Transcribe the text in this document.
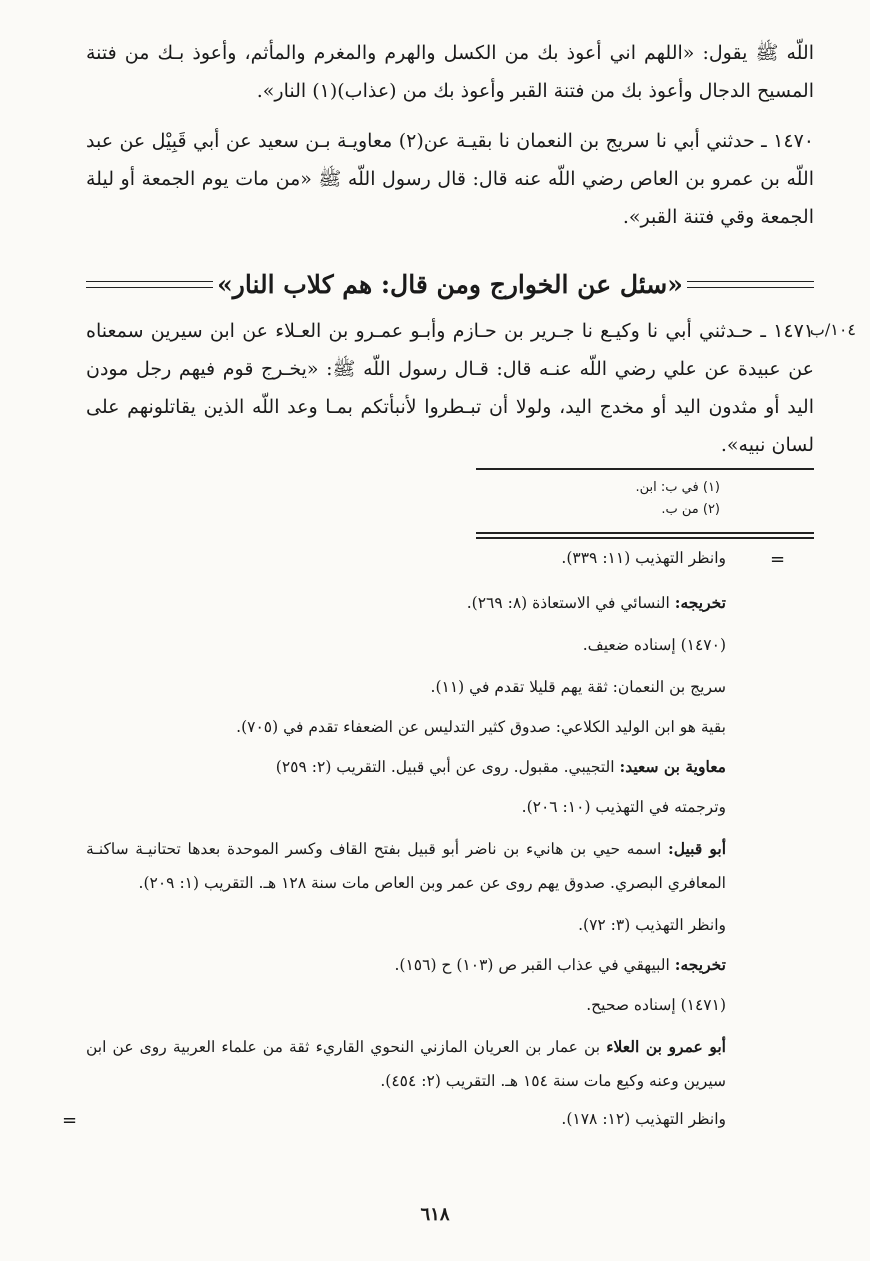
اللّه ﷺ يقول: «اللهم اني أعوذ بك من الكسل والهرم والمغرم والمأثم، وأعوذ بـك من فتنة المسيح الدجال وأعوذ بك من فتنة القبر وأعوذ بك من (عذاب)(١) النار».

١٤٧٠ ـ حدثني أبي نا سريج بن النعمان نا بقيـة عن(٢) معاويـة بـن سعيد عن أبي قَبِيْل عن عبد اللّه بن عمرو بن العاص رضي اللّه عنه قال: قال رسول اللّه ﷺ «من مات يوم الجمعة أو ليلة الجمعة وقي فتنة القبر».

«سئل عن الخوارج ومن قال: هم كلاب النار»
١٠٤/ب

١٤٧١ ـ حـدثني أبي نا وكيـع نا جـرير بن حـازم وأبـو عمـرو بن العـلاء عن ابن سيرين سمعناه عن عبيدة عن علي رضي اللّه عنـه قال: قـال رسول اللّه ﷺ: «يخـرج قوم فيهم رجل مودن اليد أو مثدون اليد أو مخدج اليد، ولولا أن تبـطروا لأنبأتكم بمـا وعد اللّه الذين يقاتلونهم على لسان نبيه».

(١) في ب: ابن.
(٢) من ب.
=
وانظر التهذيب (١١: ٣٣٩).
تخريجه: النسائي في الاستعاذة (٨: ٢٦٩).
(١٤٧٠) إسناده ضعيف.
سريج بن النعمان: ثقة يهم قليلا تقدم في (١١).
بقية هو ابن الوليد الكلاعي: صدوق كثير التدليس عن الضعفاء تقدم في (٧٠٥).
معاوية بن سعيد: التجيبي. مقبول. روى عن أبي قبيل. التقريب (٢: ٢٥٩)
وترجمته في التهذيب (١٠: ٢٠٦).
أبو قبيل: اسمه حيي بن هانيء بن ناضر أبو قبيل بفتح القاف وكسر الموحدة بعدها تحتانيـة ساكنـة المعافري البصري. صدوق يهم روى عن عمر وبن العاص مات سنة ١٢٨ هـ. التقريب (١: ٢٠٩).
وانظر التهذيب (٣: ٧٢).
تخريجه: البيهقي في عذاب القبر ص (١٠٣) ح (١٥٦).
(١٤٧١) إسناده صحيح.
أبو عمرو بن العلاء بن عمار بن العريان المازني النحوي القاريء ثقة من علماء العربية روى عن ابن سيرين وعنه وكيع مات سنة ١٥٤ هـ. التقريب (٢: ٤٥٤).
وانظر التهذيب (١٢: ١٧٨).
=
٦١٨
